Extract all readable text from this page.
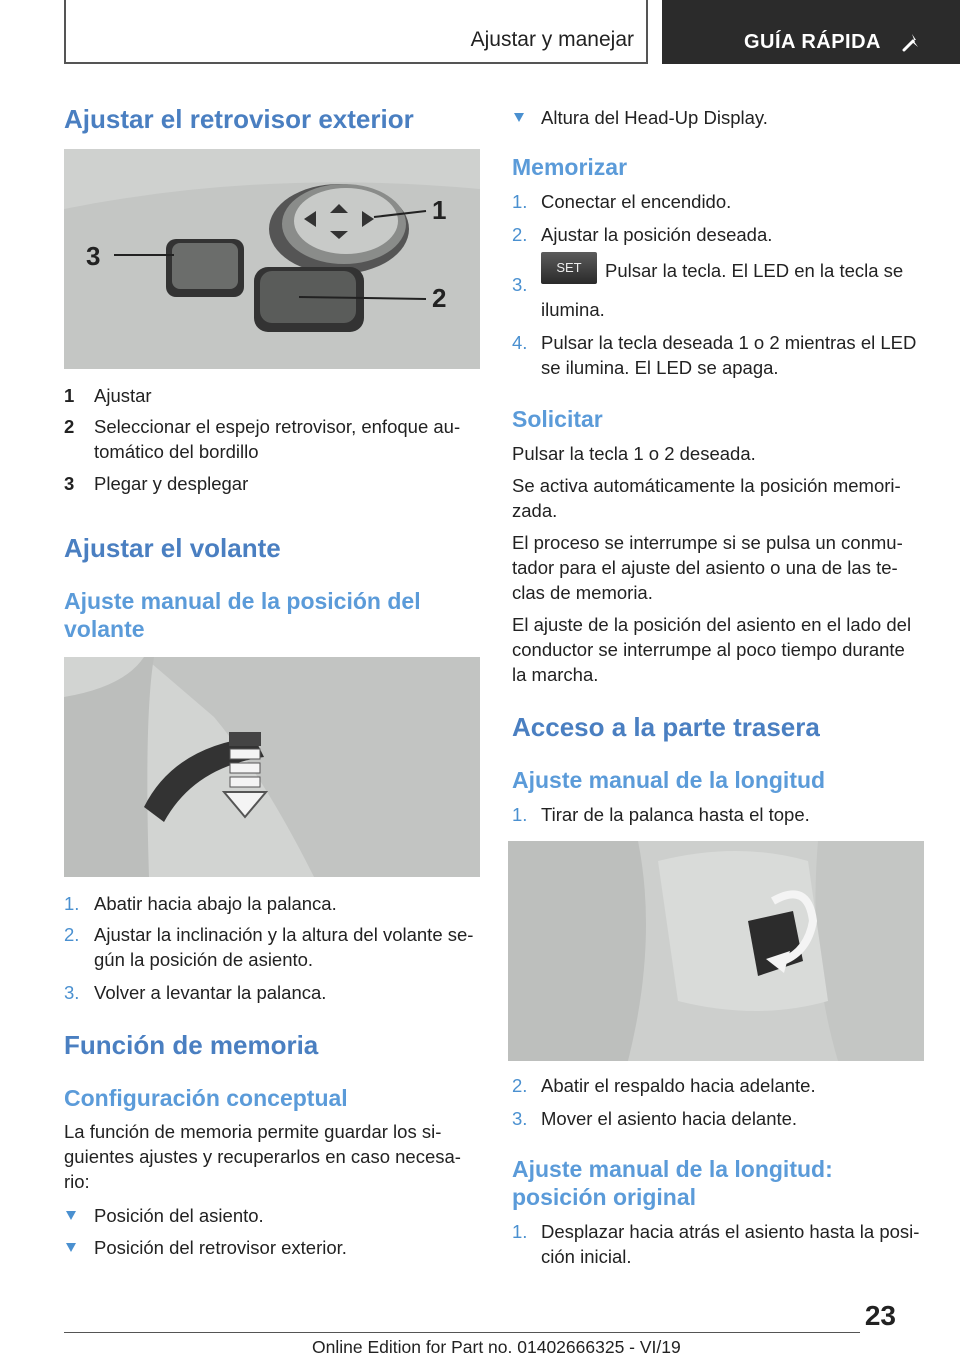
Ajustar y manejar	GUÍA RÁPIDA
Ajustar el retrovisor exterior
1
2
3
1 Ajustar
2 Seleccionar el espejo retrovisor, enfoque au‐
tomático del bordillo
3 Plegar y desplegar
Ajustar el volante
Ajuste manual de la posición del
volante
1. Abatir hacia abajo la palanca.
2. Ajustar la inclinación y la altura del volante se‐
gún la posición de asiento.
3. Volver a levantar la palanca.
Función de memoria
Configuración conceptual
La función de memoria permite guardar los si‐
guientes ajustes y recuperarlos en caso necesa‐
rio:
Posición del asiento.
Posición del retrovisor exterior.
Altura del Head-Up Display.
Memorizar
1. Conectar el encendido.
2. Ajustar la posición deseada.
3.
SET Pulsar la tecla. El LED en la tecla se
ilumina.
4. Pulsar la tecla deseada 1 o 2 mientras el LED
se ilumina. El LED se apaga.
Solicitar
Pulsar la tecla 1 o 2 deseada.
Se activa automáticamente la posición memori‐
zada.
El proceso se interrumpe si se pulsa un conmu‐
tador para el ajuste del asiento o una de las te‐
clas de memoria.
El ajuste de la posición del asiento en el lado del
conductor se interrumpe al poco tiempo durante
la marcha.
Acceso a la parte trasera
Ajuste manual de la longitud
1. Tirar de la palanca hasta el tope.
2. Abatir el respaldo hacia adelante.
3. Mover el asiento hacia delante.
Ajuste manual de la longitud:
posición original
1. Desplazar hacia atrás el asiento hasta la posi‐
ción inicial.
23
Online Edition for Part no. 01402666325 - VI/19
